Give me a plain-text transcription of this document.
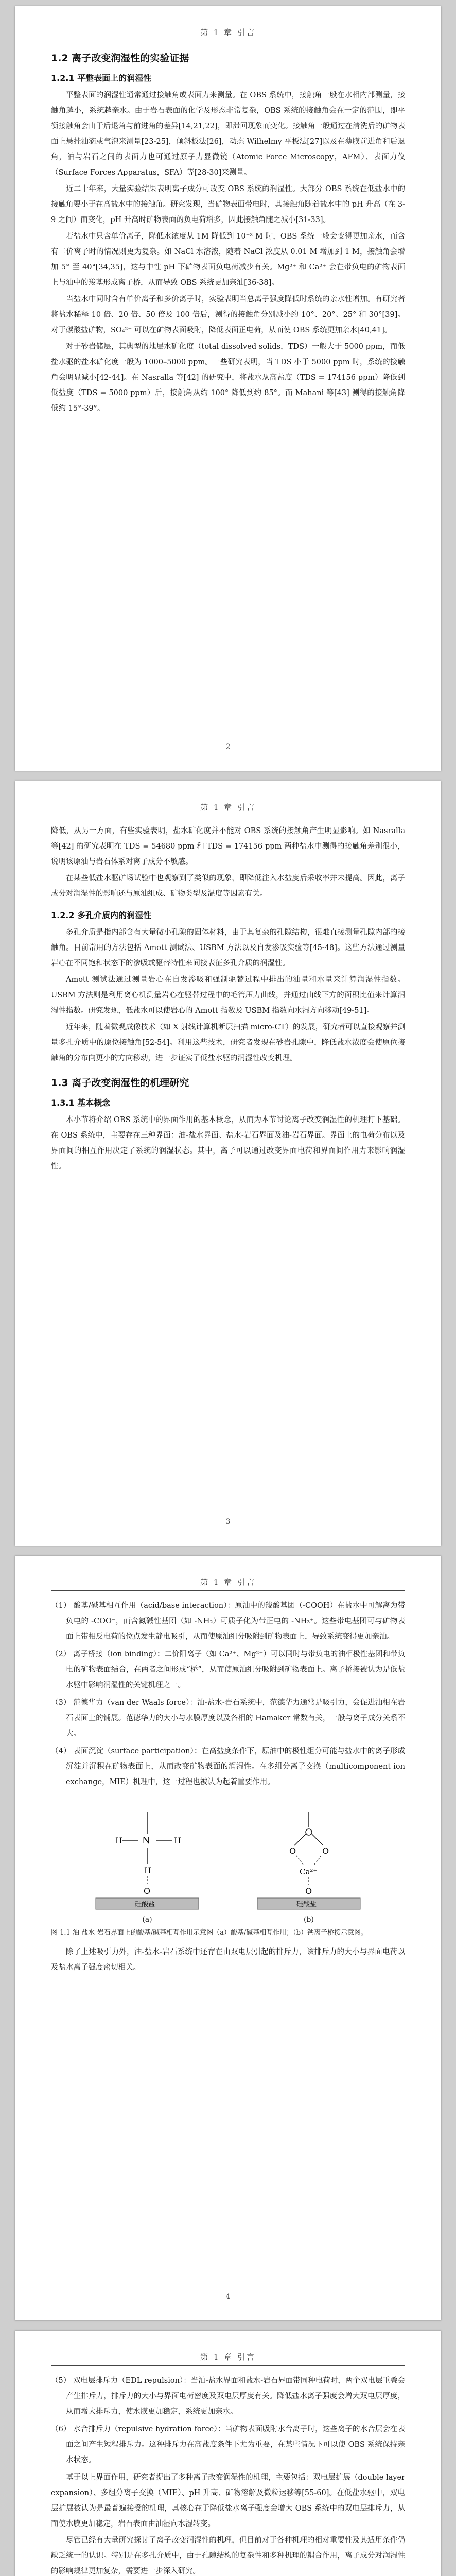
第 1 章 引言
1.2 离子改变润湿性的实验证据
1.2.1 平整表面上的润湿性

平整表面的润湿性通常通过接触角或表面力来测量。在 OBS 系统中，接触角一般在水相内部测量，接触角越小，系统越亲水。由于岩石表面的化学及形态非常复杂，OBS 系统的接触角会在一定的范围，即平衡接触角会由于后退角与前进角的差异[14,21,22]，即滞回现象而变化。接触角一般通过在清洗后的矿物表面上悬挂油滴或气泡来测量[23-25]，倾斜板法[26]，动态 Wilhelmy 平板法[27]以及在薄膜前进角和后退角，油与岩石之间的表面力也可通过原子力显微镜（Atomic Force Microscopy，AFM）、表面力仪（Surface Forces Apparatus，SFA）等[28-30]来测量。

近二十年来，大量实验结果表明离子成分可改变 OBS 系统的润湿性。大部分 OBS 系统在低盐水中的接触角要小于在高盐水中的接触角。研究发现，当矿物表面带电时，其接触角随着盐水中的 pH 升高（在 3-9 之间）而变化，pH 升高时矿物表面的负电荷增多，因此接触角随之减小[31-33]。

若盐水中只含单价离子，降低水浓度从 1M 降低到 10⁻³ M 时，OBS 系统一般会变得更加亲水，而含有二价离子时的情况则更为复杂。如 NaCl 水溶液，随着 NaCl 浓度从 0.01 M 增加到 1 M，接触角会增加 5° 至 40°[34,35]，这与中性 pH 下矿物表面负电荷减少有关。Mg²⁺ 和 Ca²⁺ 会在带负电的矿物表面上与油中的羧基形成离子桥，从而导致 OBS 系统更加亲油[36-38]。

当盐水中同时含有单价离子和多价离子时，实验表明当总离子强度降低时系统的亲水性增加。有研究者将盐水稀释 10 倍、20 倍、50 倍及 100 倍后，测得的接触角分别减小约 10°、20°、25° 和 30°[39]。对于碳酸盐矿物，SO₄²⁻ 可以在矿物表面吸附，降低表面正电荷，从而使 OBS 系统更加亲水[40,41]。

对于砂岩储层，其典型的地层水矿化度（total dissolved solids，TDS）一般大于 5000 ppm，而低盐水驱的盐水矿化度一般为 1000–5000 ppm。一些研究表明，当 TDS 小于 5000 ppm 时，系统的接触角会明显减小[42-44]。在 Nasralla 等[42] 的研究中，将盐水从高盐度（TDS = 174156 ppm）降低到低盐度（TDS = 5000 ppm）后，接触角从约 100° 降低到约 85°。而 Mahani 等[43] 测得的接触角降低约 15°-39°。

2
第 1 章 引言

降低，从另一方面，有些实验表明，盐水矿化度并不能对 OBS 系统的接触角产生明显影响。如 Nasralla 等[42] 的研究表明在 TDS = 54680 ppm 和 TDS = 174156 ppm 两种盐水中测得的接触角差别很小，说明该原油与岩石体系对离子成分不敏感。

在某些低盐水驱矿场试验中也观察到了类似的现象，即降低注入水盐度后采收率并未提高。因此，离子成分对润湿性的影响还与原油组成、矿物类型及温度等因素有关。

1.2.2 多孔介质内的润湿性

多孔介质是指内部含有大量微小孔隙的固体材料，由于其复杂的孔隙结构，很难直接测量孔隙内部的接触角。目前常用的方法包括 Amott 测试法、USBM 方法以及自发渗吸实验等[45-48]。这些方法通过测量岩心在不同饱和状态下的渗吸或驱替特性来间接表征多孔介质的润湿性。

Amott 测试法通过测量岩心在自发渗吸和强制驱替过程中排出的油量和水量来计算润湿性指数。USBM 方法则是利用离心机测量岩心在驱替过程中的毛管压力曲线，并通过曲线下方的面积比值来计算润湿性指数。研究发现，低盐水可以使岩心的 Amott 指数及 USBM 指数向水湿方向移动[49-51]。

近年来，随着微观成像技术（如 X 射线计算机断层扫描 micro-CT）的发展，研究者可以直接观察并测量多孔介质中的原位接触角[52-54]。利用这些技术，研究者发现在砂岩孔隙中，降低盐水浓度会使原位接触角的分布向更小的方向移动，进一步证实了低盐水驱的润湿性改变机理。

1.3 离子改变润湿性的机理研究
1.3.1 基本概念

本小节将介绍 OBS 系统中的界面作用的基本概念，从而为本节讨论离子改变润湿性的机理打下基础。在 OBS 系统中，主要存在三种界面：油-盐水界面、盐水-岩石界面及油-岩石界面。界面上的电荷分布以及界面间的相互作用决定了系统的润湿状态。其中，离子可以通过改变界面电荷和界面间作用力来影响润湿性。

3
第 1 章 引言

（1） 酸基/碱基相互作用（acid/base interaction）：原油中的羧酸基团（-COOH）在盐水中可解离为带负电的 -COO⁻，而含氮碱性基团（如 -NH₂）可质子化为带正电的 -NH₃⁺。这些带电基团可与矿物表面上带相反电荷的位点发生静电吸引，从而使原油组分吸附到矿物表面上，导致系统变得更加亲油。

（2） 离子桥接（ion binding）：二价阳离子（如 Ca²⁺、Mg²⁺）可以同时与带负电的油相极性基团和带负电的矿物表面结合，在两者之间形成“桥”，从而使原油组分吸附到矿物表面上。离子桥接被认为是低盐水驱中影响润湿性的关键机理之一。

（3） 范德华力（van der Waals force）：油-盐水-岩石系统中，范德华力通常是吸引力，会促进油相在岩石表面上的铺展。范德华力的大小与水膜厚度以及各相的 Hamaker 常数有关，一般与离子成分关系不大。

（4） 表面沉淀（surface participation）：在高盐度条件下，原油中的极性组分可能与盐水中的离子形成沉淀并沉积在矿物表面上，从而改变矿物表面的润湿性。在多组分离子交换（multicomponent ion exchange，MIE）机理中，这一过程也被认为起着重要作用。

N
H	H
H
O
硅酸盐
(a)
O	O
Ca²⁺
O
硅酸盐
(b)

图 1.1 油-盐水-岩石界面上的酸基/碱基相互作用示意图（a）酸基/碱基相互作用；（b）钙离子桥接示意图。

除了上述吸引力外，油-盐水-岩石系统中还存在由双电层引起的排斥力，该排斥力的大小与界面电荷以及盐水离子强度密切相关。

4
第 1 章 引言

（5） 双电层排斥力（EDL repulsion）：当油-盐水界面和盐水-岩石界面带同种电荷时，两个双电层重叠会产生排斥力，排斥力的大小与界面电荷密度及双电层厚度有关。降低盐水离子强度会增大双电层厚度，从而增大排斥力，使水膜更加稳定，系统更加亲水。

（6） 水合排斥力（repulsive hydration force）：当矿物表面吸附水合离子时，这些离子的水合层会在表面之间产生短程排斥力。这种排斥力在高盐度条件下尤为重要，在某些情况下可以使 OBS 系统保持亲水状态。

基于以上界面作用，研究者提出了多种离子改变润湿性的机理，主要包括：双电层扩展（double layer expansion）、多组分离子交换（MIE）、pH 升高、矿物溶解及微粒运移等[55-60]。在低盐水驱中，双电层扩展被认为是最普遍接受的机理，其核心在于降低盐水离子强度会增大 OBS 系统中的双电层排斥力，从而使水膜更加稳定，岩石表面由油湿向水湿转变。

尽管已经有大量研究探讨了离子改变润湿性的机理，但目前对于各种机理的相对重要性及其适用条件仍缺乏统一的认识。特别是在多孔介质中，由于孔隙结构的复杂性和多种机理的耦合作用，离子成分对润湿性的影响规律更加复杂，需要进一步深入研究。
